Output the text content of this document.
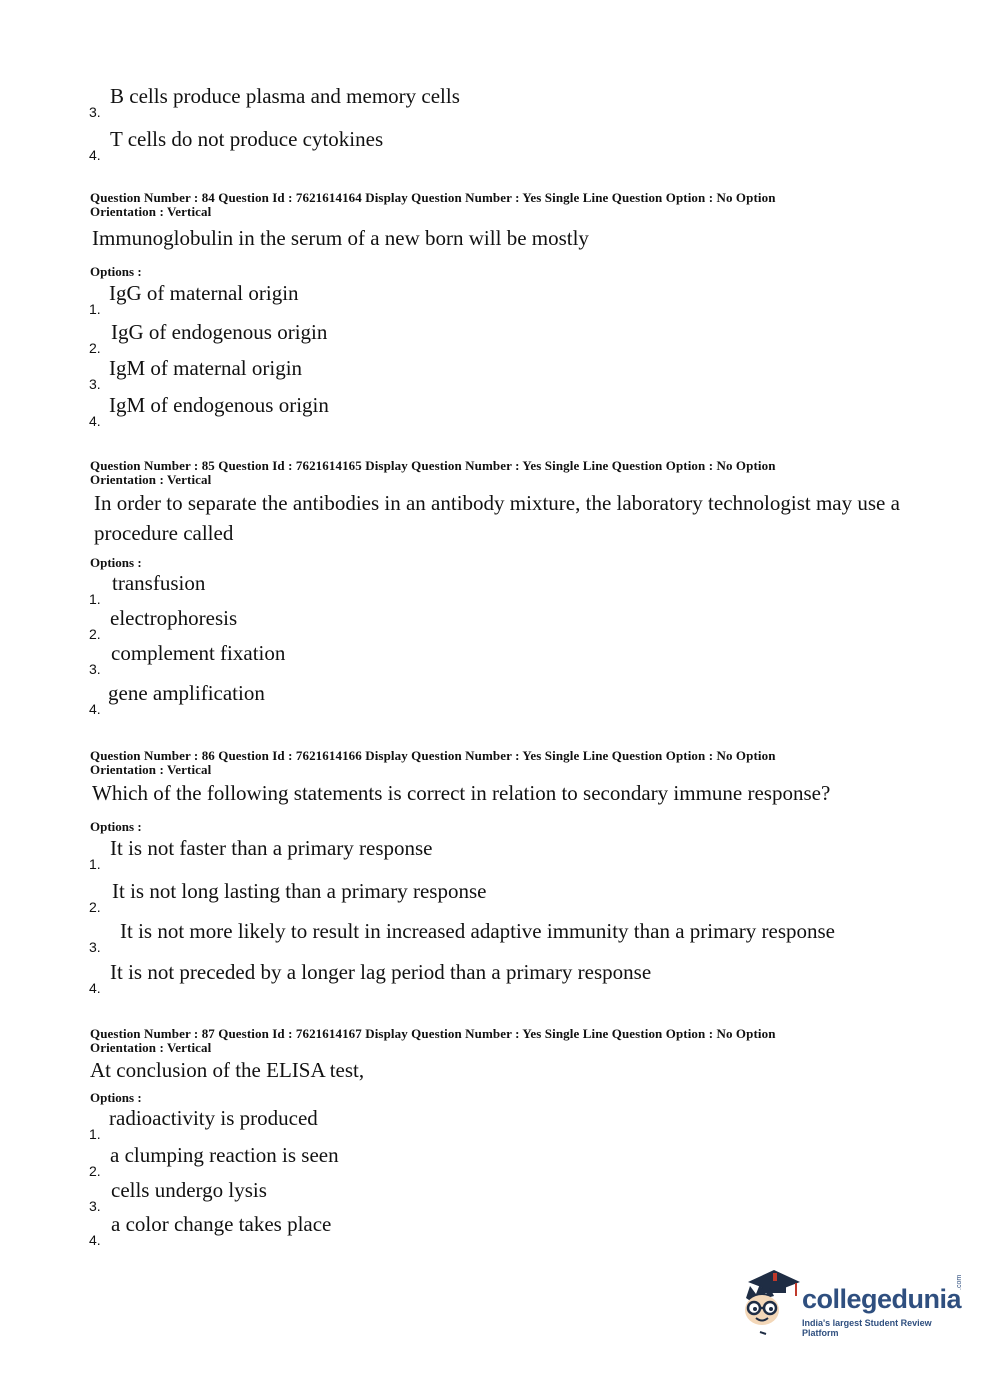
3.
B cells produce plasma and memory cells
4.
T cells do not produce cytokines
Question Number : 84 Question Id : 7621614164 Display Question Number : Yes Single Line Question Option : No Option
Orientation : Vertical
Immunoglobulin in the serum of a new born will be mostly
Options :
1.
IgG of maternal origin
2.
IgG of endogenous origin
3.
IgM of maternal origin
4.
IgM of endogenous origin
Question Number : 85 Question Id : 7621614165 Display Question Number : Yes Single Line Question Option : No Option
Orientation : Vertical
In order to separate the antibodies in an antibody mixture, the laboratory technologist may use a procedure called
Options :
1.
transfusion
2.
electrophoresis
3.
complement fixation
4.
gene amplification
Question Number : 86 Question Id : 7621614166 Display Question Number : Yes Single Line Question Option : No Option
Orientation : Vertical
Which of the following statements is correct in relation to secondary immune response?
Options :
1.
It is not faster than a primary response
2.
It is not long lasting than a primary response
3.
It is not more likely to result in increased adaptive immunity than a primary response
4.
It is not preceded by a longer lag period than a primary response
Question Number : 87 Question Id : 7621614167 Display Question Number : Yes Single Line Question Option : No Option
Orientation : Vertical
At conclusion of the ELISA test,
Options :
1.
radioactivity is produced
2.
a clumping reaction is seen
3.
cells undergo lysis
4.
a color change takes place
collegedunia
.com
India's largest Student Review Platform
